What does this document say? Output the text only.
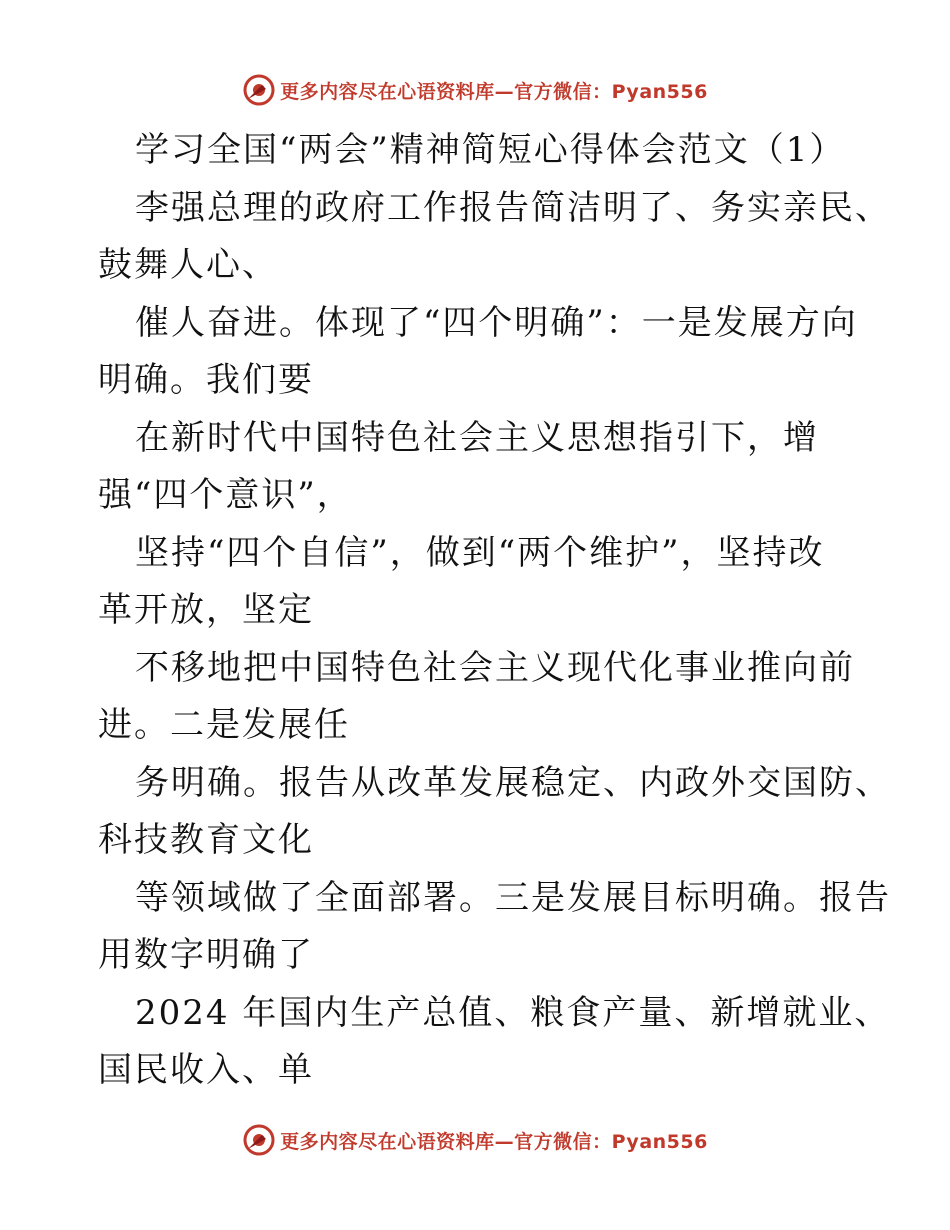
更多内容尽在心语资料库—官方微信：Pyan556
学习全国“两会”精神简短心得体会范文（1）
李强总理的政府工作报告简洁明了、务实亲民、
鼓舞人心、
催人奋进。体现了“四个明确”：一是发展方向
明确。我们要
在新时代中国特色社会主义思想指引下，增
强“四个意识”，
坚持“四个自信”，做到“两个维护”，坚持改
革开放，坚定
不移地把中国特色社会主义现代化事业推向前
进。二是发展任
务明确。报告从改革发展稳定、内政外交国防、
科技教育文化
等领域做了全面部署。三是发展目标明确。报告
用数字明确了
2024 年国内生产总值、粮食产量、新增就业、
国民收入、单
更多内容尽在心语资料库—官方微信：Pyan556
